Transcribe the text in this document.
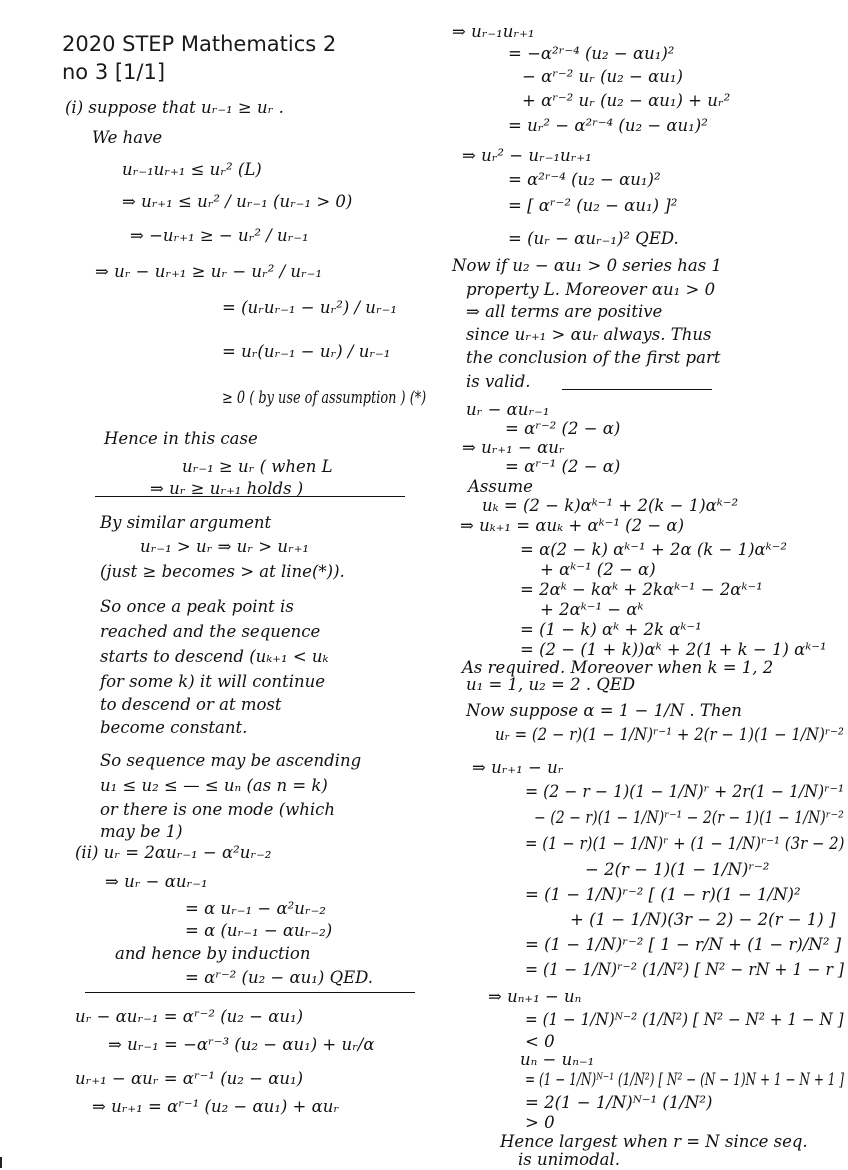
2020 STEP Mathematics 2
no 3 [1/1]
(i) suppose that uᵣ₋₁ ≥ uᵣ .
We have
uᵣ₋₁uᵣ₊₁ ≤ uᵣ² (L)
⇒ uᵣ₊₁ ≤ uᵣ² / uᵣ₋₁ (uᵣ₋₁ > 0)
⇒ −uᵣ₊₁ ≥ − uᵣ² / uᵣ₋₁
⇒ uᵣ − uᵣ₊₁ ≥ uᵣ − uᵣ² / uᵣ₋₁
= (uᵣuᵣ₋₁ − uᵣ²) / uᵣ₋₁
= uᵣ(uᵣ₋₁ − uᵣ) / uᵣ₋₁
≥ 0 ( by use of assumption ) (*)
Hence in this case
uᵣ₋₁ ≥ uᵣ ( when L
⇒ uᵣ ≥ uᵣ₊₁ holds )
By similar argument
uᵣ₋₁ > uᵣ ⇒ uᵣ > uᵣ₊₁
(just ≥ becomes > at line(*)).
So once a peak point is
reached and the sequence
starts to descend (uₖ₊₁ < uₖ
for some k) it will continue
to descend or at most
become constant.
So sequence may be ascending
u₁ ≤ u₂ ≤ — ≤ uₙ (as n = k)
or there is one mode (which
may be 1)
(ii) uᵣ = 2αuᵣ₋₁ − α²uᵣ₋₂
⇒ uᵣ − αuᵣ₋₁
= α uᵣ₋₁ − α²uᵣ₋₂
= α (uᵣ₋₁ − αuᵣ₋₂)
and hence by induction
= αʳ⁻² (u₂ − αu₁) QED.
uᵣ − αuᵣ₋₁ = αʳ⁻² (u₂ − αu₁)
⇒ uᵣ₋₁ = −αʳ⁻³ (u₂ − αu₁) + uᵣ/α
uᵣ₊₁ − αuᵣ = αʳ⁻¹ (u₂ − αu₁)
⇒ uᵣ₊₁ = αʳ⁻¹ (u₂ − αu₁) + αuᵣ
⇒ uᵣ₋₁uᵣ₊₁
= −α²ʳ⁻⁴ (u₂ − αu₁)²
− αʳ⁻² uᵣ (u₂ − αu₁)
+ αʳ⁻² uᵣ (u₂ − αu₁) + uᵣ²
= uᵣ² − α²ʳ⁻⁴ (u₂ − αu₁)²
⇒ uᵣ² − uᵣ₋₁uᵣ₊₁
= α²ʳ⁻⁴ (u₂ − αu₁)²
= [ αʳ⁻² (u₂ − αu₁) ]²
= (uᵣ − αuᵣ₋₁)² QED.
Now if u₂ − αu₁ > 0 series has 1
property L. Moreover αu₁ > 0
⇒ all terms are positive
since uᵣ₊₁ > αuᵣ always. Thus
the conclusion of the first part
is valid.
uᵣ − αuᵣ₋₁
= αʳ⁻² (2 − α)
⇒ uᵣ₊₁ − αuᵣ
= αʳ⁻¹ (2 − α)
Assume
uₖ = (2 − k)αᵏ⁻¹ + 2(k − 1)αᵏ⁻²
⇒ uₖ₊₁ = αuₖ + αᵏ⁻¹ (2 − α)
= α(2 − k) αᵏ⁻¹ + 2α (k − 1)αᵏ⁻²
+ αᵏ⁻¹ (2 − α)
= 2αᵏ − kαᵏ + 2kαᵏ⁻¹ − 2αᵏ⁻¹
+ 2αᵏ⁻¹ − αᵏ
= (1 − k) αᵏ + 2k αᵏ⁻¹
= (2 − (1 + k))αᵏ + 2(1 + k − 1) αᵏ⁻¹
As required. Moreover when k = 1, 2
u₁ = 1, u₂ = 2 . QED
Now suppose α = 1 − 1/N . Then
uᵣ = (2 − r)(1 − 1/N)ʳ⁻¹ + 2(r − 1)(1 − 1/N)ʳ⁻²
⇒ uᵣ₊₁ − uᵣ
= (2 − r − 1)(1 − 1/N)ʳ + 2r(1 − 1/N)ʳ⁻¹
− (2 − r)(1 − 1/N)ʳ⁻¹ − 2(r − 1)(1 − 1/N)ʳ⁻²
= (1 − r)(1 − 1/N)ʳ + (1 − 1/N)ʳ⁻¹ (3r − 2)
− 2(r − 1)(1 − 1/N)ʳ⁻²
= (1 − 1/N)ʳ⁻² [ (1 − r)(1 − 1/N)²
+ (1 − 1/N)(3r − 2) − 2(r − 1) ]
= (1 − 1/N)ʳ⁻² [ 1 − r/N + (1 − r)/N² ]
= (1 − 1/N)ʳ⁻² (1/N²) [ N² − rN + 1 − r ]
⇒ uₙ₊₁ − uₙ
= (1 − 1/N)ᴺ⁻² (1/N²) [ N² − N² + 1 − N ]
< 0
uₙ − uₙ₋₁
= (1 − 1/N)ᴺ⁻¹ (1/N²) [ N² − (N − 1)N + 1 − N + 1 ]
= 2(1 − 1/N)ᴺ⁻¹ (1/N²)
> 0
Hence largest when r = N since seq.
is unimodal.
